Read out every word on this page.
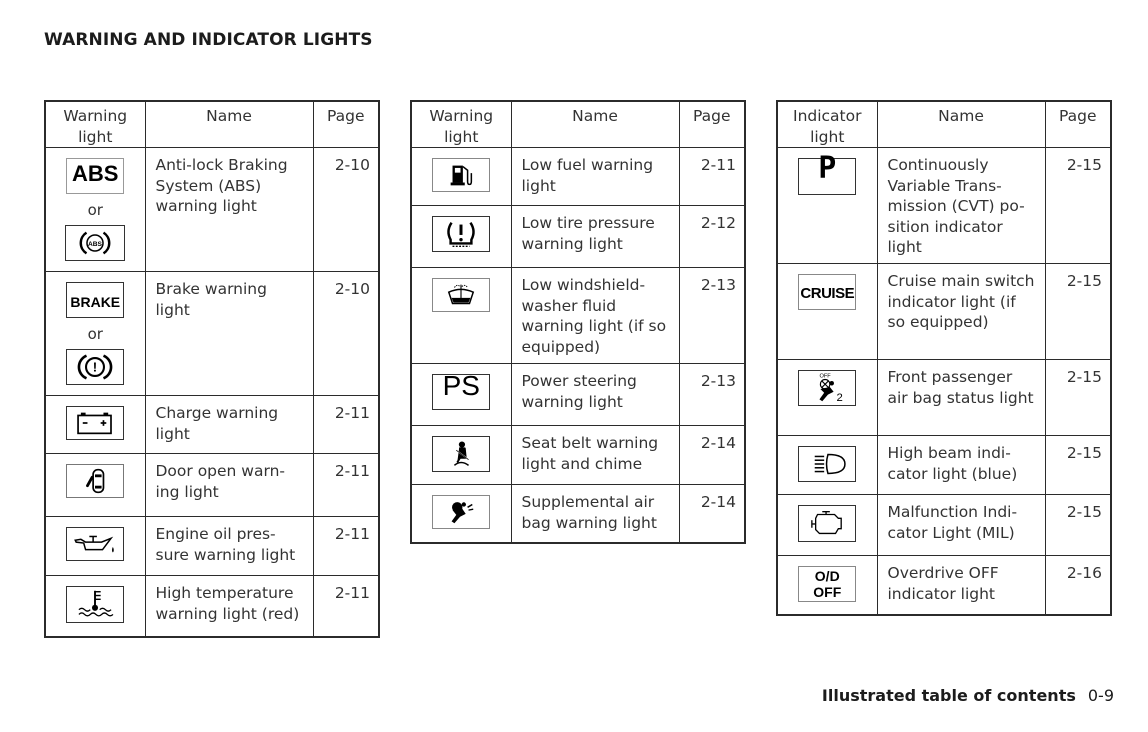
WARNING AND INDICATOR LIGHTS
Warning light	Name	Page

ABS
or
ABS	Anti-lock Braking System (ABS) warning light	2-10

BRAKE
or
!	Brake warning light	2-10

	Charge warning light	2-11

	Door open warn-ing light	2-11

	Engine oil pres-sure warning light	2-11

	High temperature warning light (red)	2-11
Warning light	Name	Page

	Low fuel warning light	2-11

	Low tire pressure warning light	2-12

	Low windshield-washer fluid warning light (if so equipped)	2-13

PS	Power steering warning light	2-13

	Seat belt warning light and chime	2-14

	Supplemental air bag warning light	2-14
Indicator light	Name	Page

P	Continuously Variable Trans-mission (CVT) po-sition indicator light	2-15

CRUISE	Cruise main switch indicator light (if so equipped)	2-15

OFF
2	Front passenger air bag status light	2-15

	High beam indi-cator light (blue)	2-15

	Malfunction Indi-cator Light (MIL)	2-15

O/D
OFF	Overdrive OFF indicator light	2-16
Illustrated table of contents 0-9
